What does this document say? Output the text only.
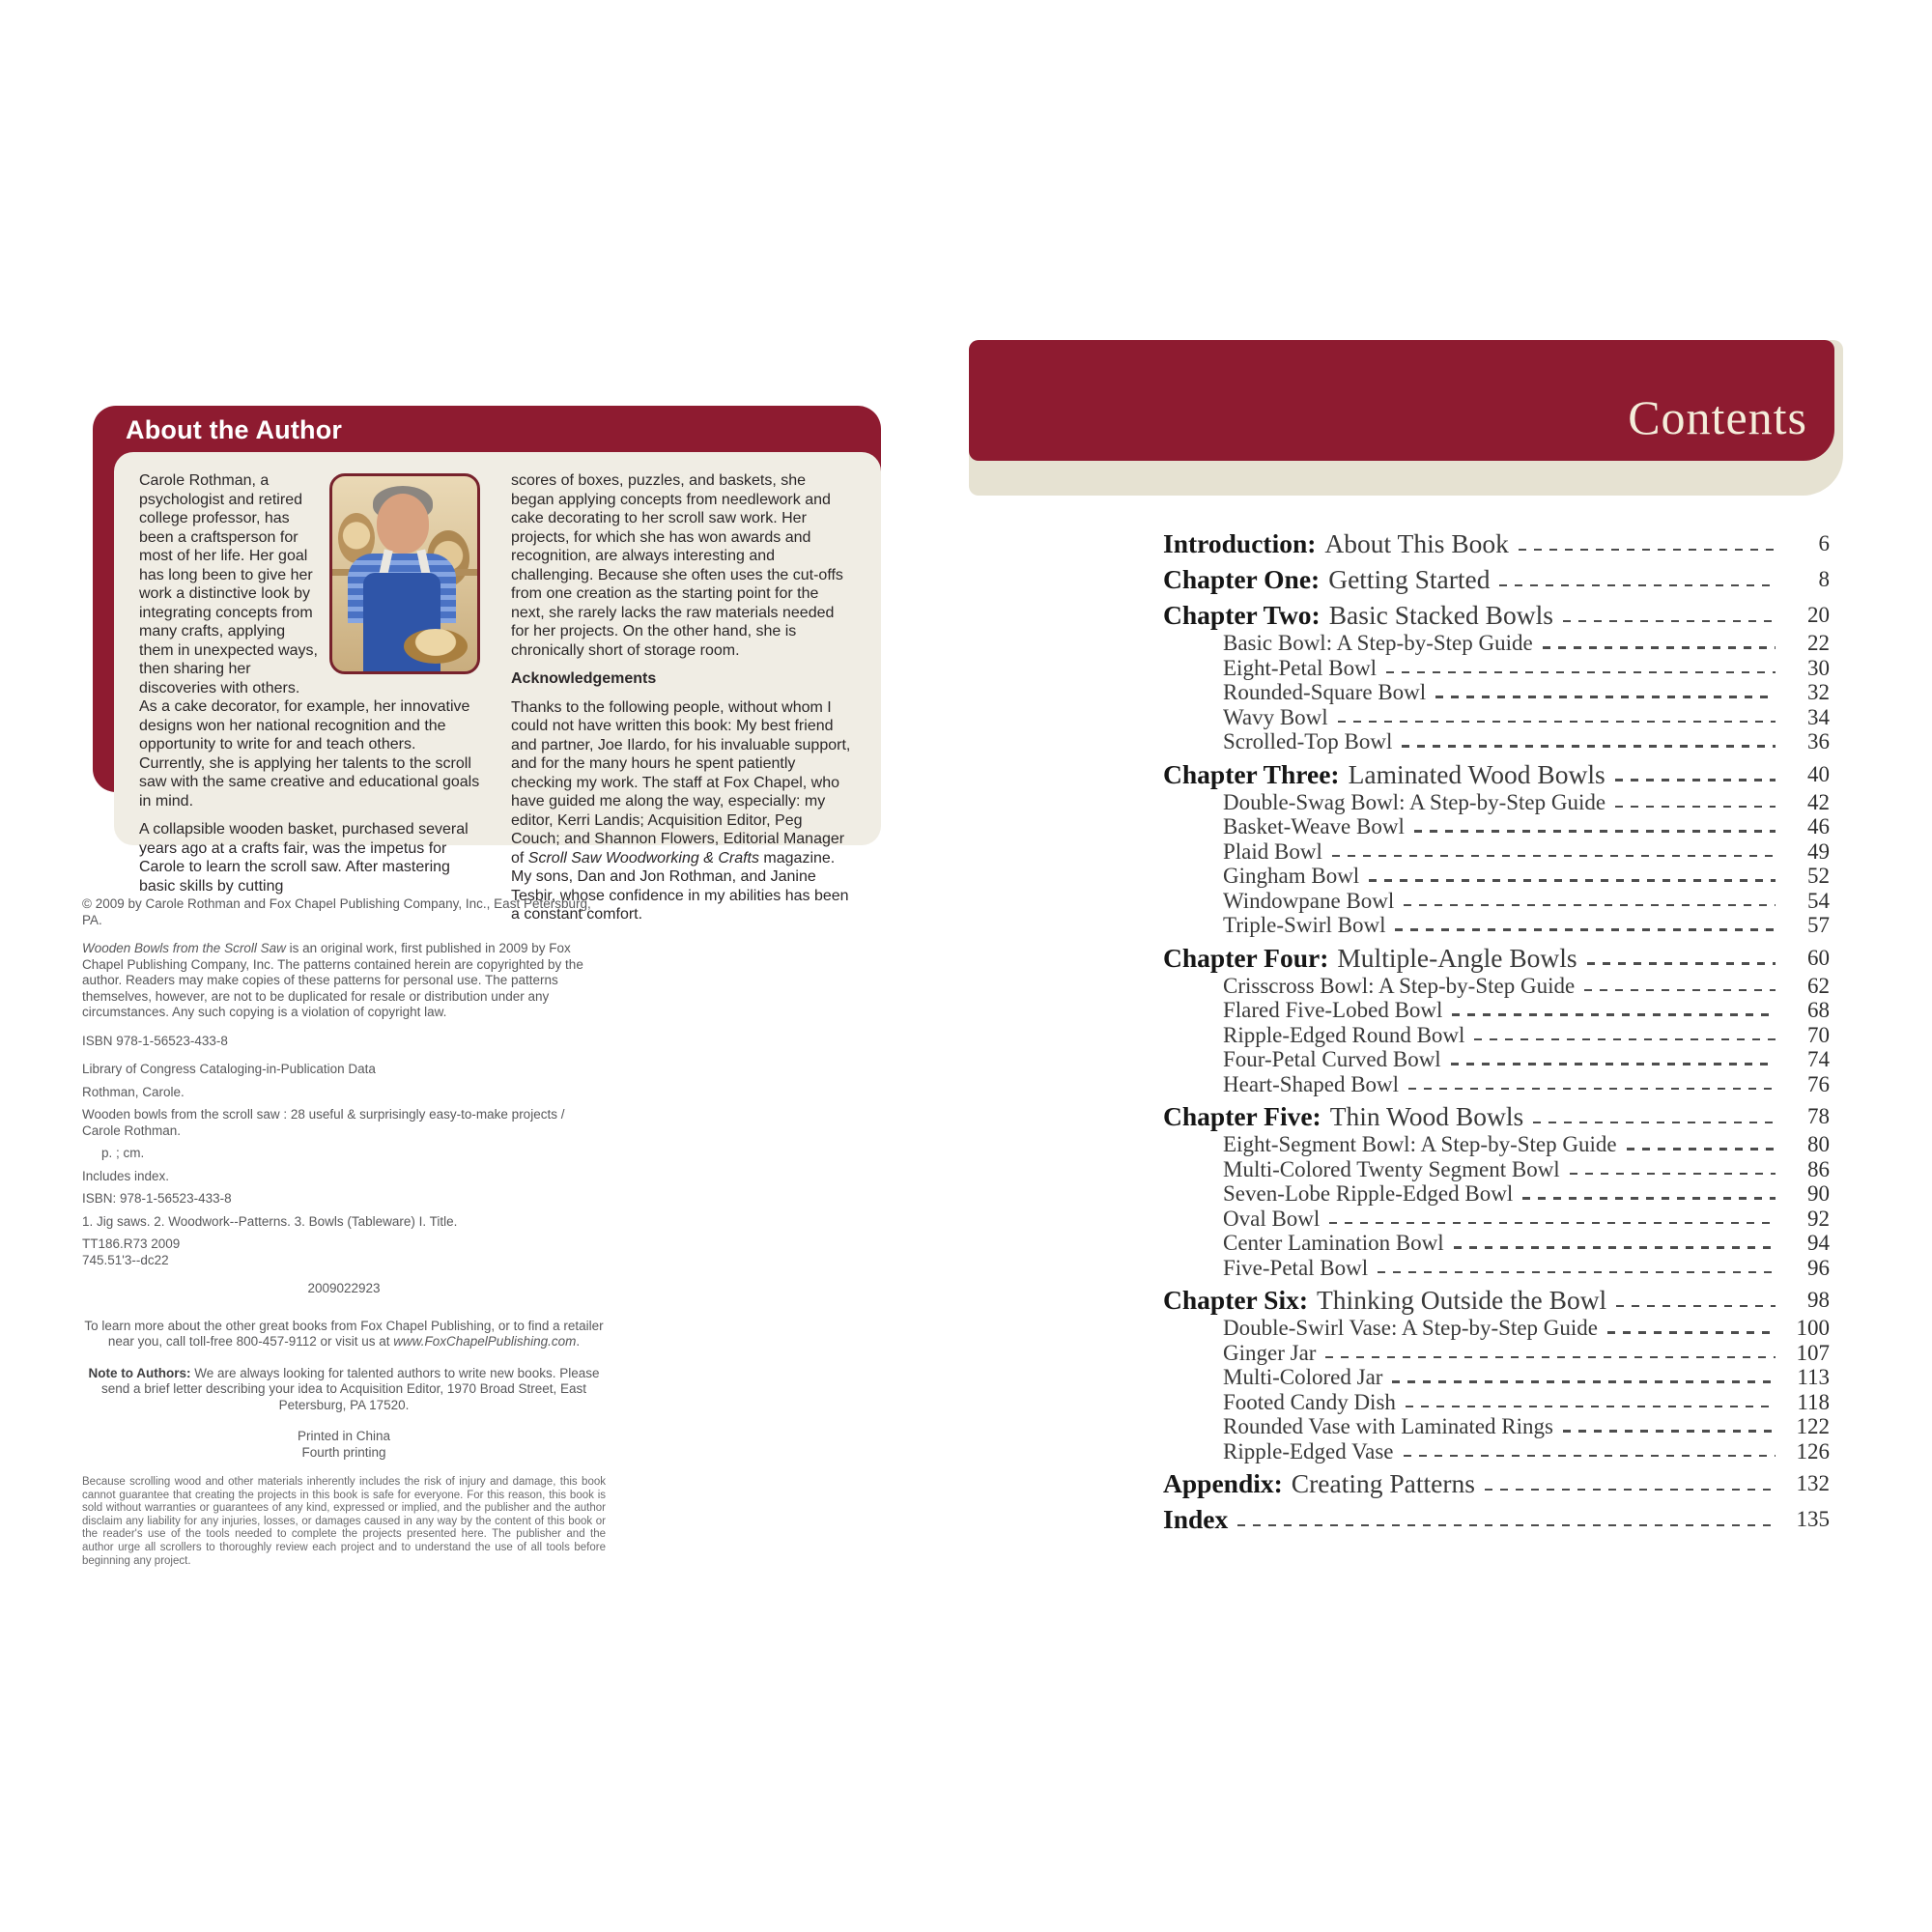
About the Author

Carole Rothman, a psychologist and retired college professor, has been a craftsperson for most of her life. Her goal has long been to give her work a distinctive look by integrating concepts from many crafts, applying them in unexpected ways, then sharing her discoveries with others. As a cake decorator, for example, her innovative designs won her national recognition and the opportunity to write for and teach others. Currently, she is applying her talents to the scroll saw with the same creative and educational goals in mind.

A collapsible wooden basket, purchased several years ago at a crafts fair, was the impetus for Carole to learn the scroll saw. After mastering basic skills by cutting

scores of boxes, puzzles, and baskets, she began applying concepts from needlework and cake decorating to her scroll saw work. Her projects, for which she has won awards and recognition, are always interesting and challenging. Because she often uses the cut-offs from one creation as the starting point for the next, she rarely lacks the raw materials needed for her projects. On the other hand, she is chronically short of storage room.

Acknowledgements

Thanks to the following people, without whom I could not have written this book: My best friend and partner, Joe Ilardo, for his invaluable support, and for the many hours he spent patiently checking my work. The staff at Fox Chapel, who have guided me along the way, especially: my editor, Kerri Landis; Acquisition Editor, Peg Couch; and Shannon Flowers, Editorial Manager of Scroll Saw Woodworking & Crafts magazine. My sons, Dan and Jon Rothman, and Janine Tesbir, whose confidence in my abilities has been a constant comfort.

© 2009 by Carole Rothman and Fox Chapel Publishing Company, Inc., East Petersburg, PA.
Wooden Bowls from the Scroll Saw is an original work, first published in 2009 by Fox Chapel Publishing Company, Inc. The patterns contained herein are copyrighted by the author. Readers may make copies of these patterns for personal use. The patterns themselves, however, are not to be duplicated for resale or distribution under any circumstances. Any such copying is a violation of copyright law.
ISBN 978-1-56523-433-8
Library of Congress Cataloging-in-Publication Data
Rothman, Carole.
Wooden bowls from the scroll saw : 28 useful & surprisingly easy-to-make projects / Carole Rothman.
p. ; cm.
Includes index.
ISBN: 978-1-56523-433-8
1. Jig saws. 2. Woodwork--Patterns. 3. Bowls (Tableware) I. Title.
TT186.R73 2009
745.51'3--dc22
2009022923
To learn more about the other great books from Fox Chapel Publishing, or to find a retailer near you, call toll-free 800-457-9112 or visit us at www.FoxChapelPublishing.com.
Note to Authors: We are always looking for talented authors to write new books. Please send a brief letter describing your idea to Acquisition Editor, 1970 Broad Street, East Petersburg, PA 17520.
Printed in China
Fourth printing
Because scrolling wood and other materials inherently includes the risk of injury and damage, this book cannot guarantee that creating the projects in this book is safe for everyone. For this reason, this book is sold without warranties or guarantees of any kind, expressed or implied, and the publisher and the author disclaim any liability for any injuries, losses, or damages caused in any way by the content of this book or the reader's use of the tools needed to complete the projects presented here. The publisher and the author urge all scrollers to thoroughly review each project and to understand the use of all tools before beginning any project.
Contents
Introduction: About This Book	6
Chapter One: Getting Started	8
Chapter Two: Basic Stacked Bowls	20
Basic Bowl: A Step-by-Step Guide	22
Eight-Petal Bowl	30
Rounded-Square Bowl	32
Wavy Bowl	34
Scrolled-Top Bowl	36
Chapter Three: Laminated Wood Bowls	40
Double-Swag Bowl: A Step-by-Step Guide	42
Basket-Weave Bowl	46
Plaid Bowl	49
Gingham Bowl	52
Windowpane Bowl	54
Triple-Swirl Bowl	57
Chapter Four: Multiple-Angle Bowls	60
Crisscross Bowl: A Step-by-Step Guide	62
Flared Five-Lobed Bowl	68
Ripple-Edged Round Bowl	70
Four-Petal Curved Bowl	74
Heart-Shaped Bowl	76
Chapter Five: Thin Wood Bowls	78
Eight-Segment Bowl: A Step-by-Step Guide	80
Multi-Colored Twenty Segment Bowl	86
Seven-Lobe Ripple-Edged Bowl	90
Oval Bowl	92
Center Lamination Bowl	94
Five-Petal Bowl	96
Chapter Six: Thinking Outside the Bowl	98
Double-Swirl Vase: A Step-by-Step Guide	100
Ginger Jar	107
Multi-Colored Jar	113
Footed Candy Dish	118
Rounded Vase with Laminated Rings	122
Ripple-Edged Vase	126
Appendix: Creating Patterns	132
Index	135
